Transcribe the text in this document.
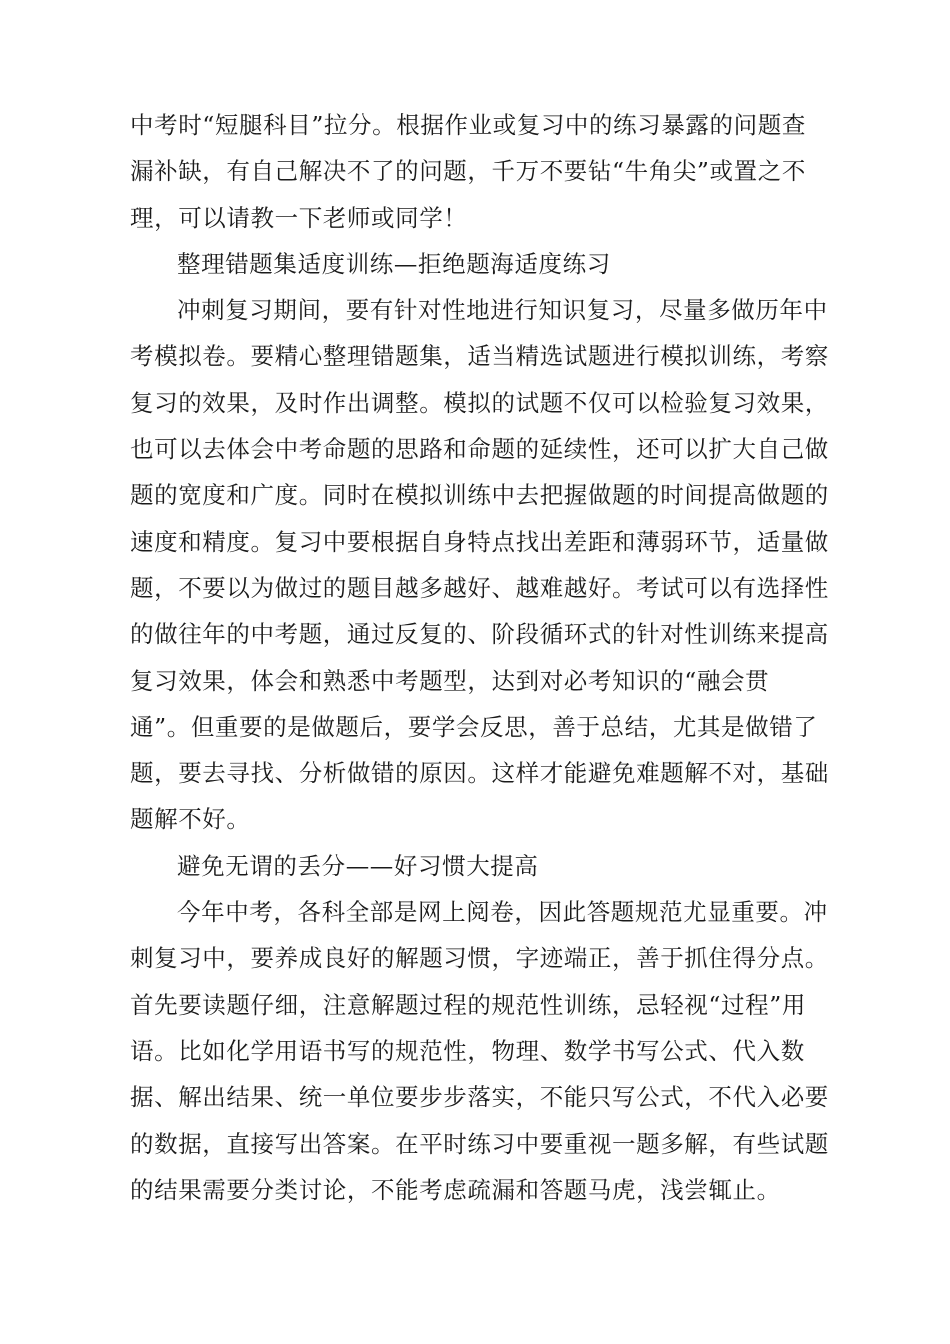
中考时“短腿科目”拉分。根据作业或复习中的练习暴露的问题查漏补缺，有自己解决不了的问题，千万不要钻“牛角尖”或置之不理，可以请教一下老师或同学！

整理错题集适度训练—拒绝题海适度练习

冲刺复习期间，要有针对性地进行知识复习，尽量多做历年中考模拟卷。要精心整理错题集，适当精选试题进行模拟训练，考察复习的效果，及时作出调整。模拟的试题不仅可以检验复习效果，也可以去体会中考命题的思路和命题的延续性，还可以扩大自己做题的宽度和广度。同时在模拟训练中去把握做题的时间提高做题的速度和精度。复习中要根据自身特点找出差距和薄弱环节，适量做题，不要以为做过的题目越多越好、越难越好。考试可以有选择性的做往年的中考题，通过反复的、阶段循环式的针对性训练来提高复习效果，体会和熟悉中考题型，达到对必考知识的“融会贯通”。但重要的是做题后，要学会反思，善于总结，尤其是做错了题，要去寻找、分析做错的原因。这样才能避免难题解不对，基础题解不好。

避免无谓的丢分——好习惯大提高

今年中考，各科全部是网上阅卷，因此答题规范尤显重要。冲刺复习中，要养成良好的解题习惯，字迹端正，善于抓住得分点。首先要读题仔细，注意解题过程的规范性训练，忌轻视“过程”用语。比如化学用语书写的规范性，物理、数学书写公式、代入数据、解出结果、统一单位要步步落实，不能只写公式，不代入必要的数据，直接写出答案。在平时练习中要重视一题多解，有些试题的结果需要分类讨论，不能考虑疏漏和答题马虎，浅尝辄止。
